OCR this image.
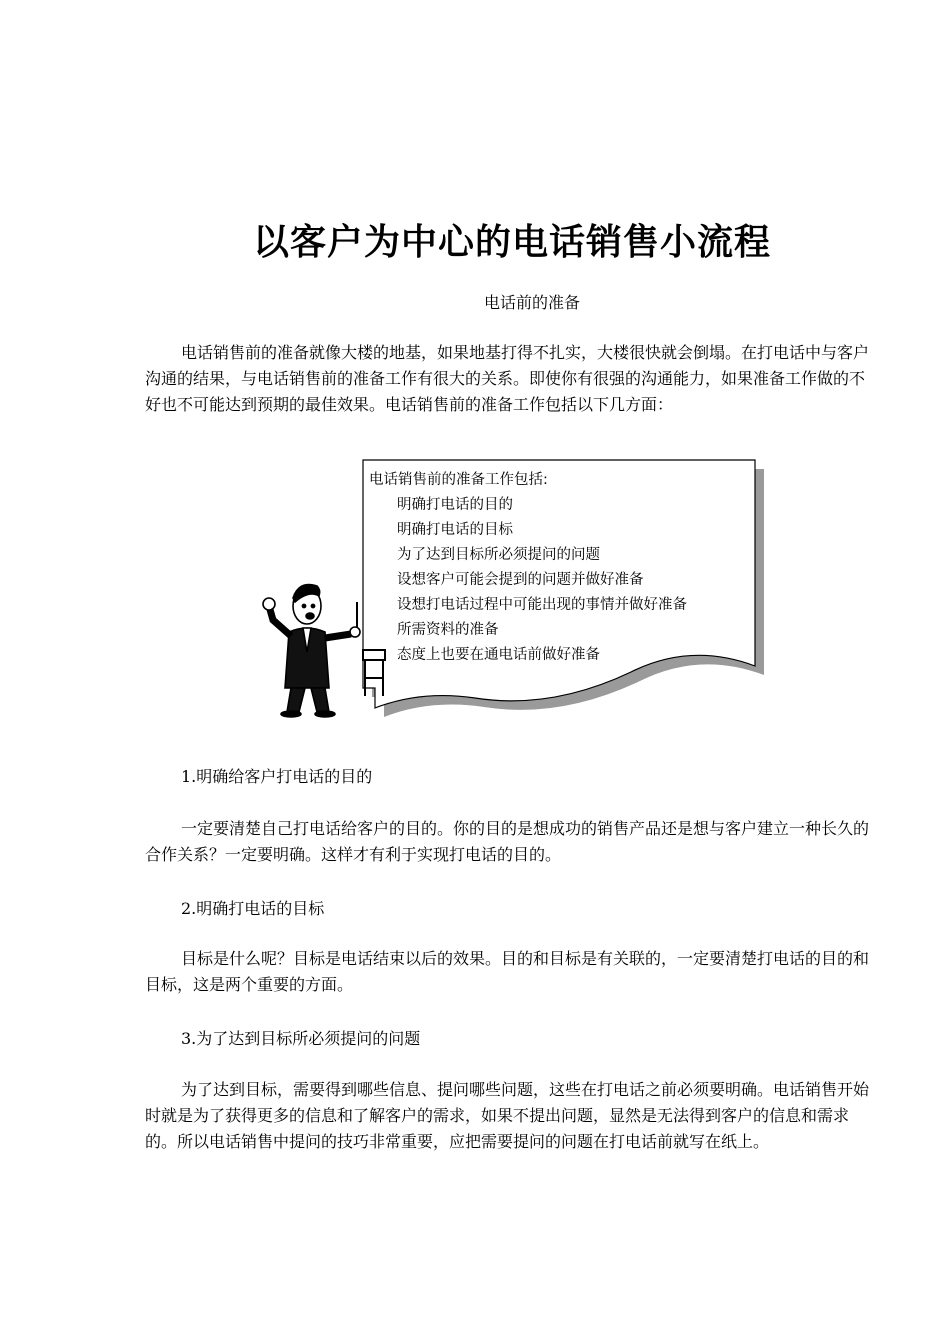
以客户为中心的电话销售小流程
电话前的准备

电话销售前的准备就像大楼的地基，如果地基打得不扎实，大楼很快就会倒塌。在打电话中与客户沟通的结果，与电话销售前的准备工作有很大的关系。即使你有很强的沟通能力，如果准备工作做的不好也不可能达到预期的最佳效果。电话销售前的准备工作包括以下几方面：

电话销售前的准备工作包括:
明确打电话的目的
明确打电话的目标
为了达到目标所必须提问的问题
设想客户可能会提到的问题并做好准备
设想打电话过程中可能出现的事情并做好准备
所需资料的准备
态度上也要在通电话前做好准备

1.明确给客户打电话的目的

一定要清楚自己打电话给客户的目的。你的目的是想成功的销售产品还是想与客户建立一种长久的合作关系？一定要明确。这样才有利于实现打电话的目的。

2.明确打电话的目标

目标是什么呢？目标是电话结束以后的效果。目的和目标是有关联的，一定要清楚打电话的目的和目标，这是两个重要的方面。

3.为了达到目标所必须提问的问题

为了达到目标，需要得到哪些信息、提问哪些问题，这些在打电话之前必须要明确。电话销售开始时就是为了获得更多的信息和了解客户的需求，如果不提出问题，显然是无法得到客户的信息和需求的。所以电话销售中提问的技巧非常重要，应把需要提问的问题在打电话前就写在纸上。
